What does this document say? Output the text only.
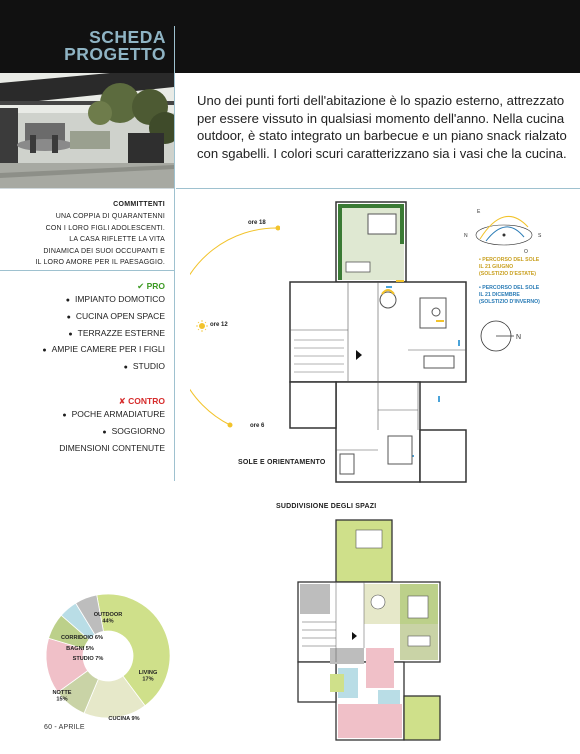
SCHEDA
PROGETTO
Uno dei punti forti dell'abitazione è lo spazio esterno, attrezzato per essere vissuto in qualsiasi momento dell'anno. Nella cucina outdoor, è stato integrato un barbecue e un piano snack rialzato con sgabelli. I colori scuri caratterizzano sia i vasi che la cucina.
COMMITTENTI
UNA COPPIA DI QUARANTENNI
CON I LORO FIGLI ADOLESCENTI.
LA CASA RIFLETTE LA VITA
DINAMICA DEI SUOI OCCUPANTI E
IL LORO AMORE PER IL PAESAGGIO.
✔ PRO
● IMPIANTO DOMOTICO
● CUCINA OPEN SPACE
● TERRAZZE ESTERNE
● AMPIE CAMERE PER I FIGLI
● STUDIO
✘ CONTRO
● POCHE ARMADIATURE
● SOGGIORNO
DIMENSIONI CONTENUTE
OUTDOOR 44%
LIVING 17%
CUCINA 9%
NOTTE 15%
STUDIO 7%
BAGNI 5%
CORRIDOIO 6%
60 - APRILE
ore 18
ore 12
ore 6
SOLE E ORIENTAMENTO
E
N	S
O
• PERCORSO DEL SOLE
IL 21 GIUGNO
(SOLSTIZIO D'ESTATE)
• PERCORSO DEL SOLE
IL 21 DICEMBRE
(SOLSTIZIO D'INVERNO)
N
SUDDIVISIONE DEGLI SPAZI
